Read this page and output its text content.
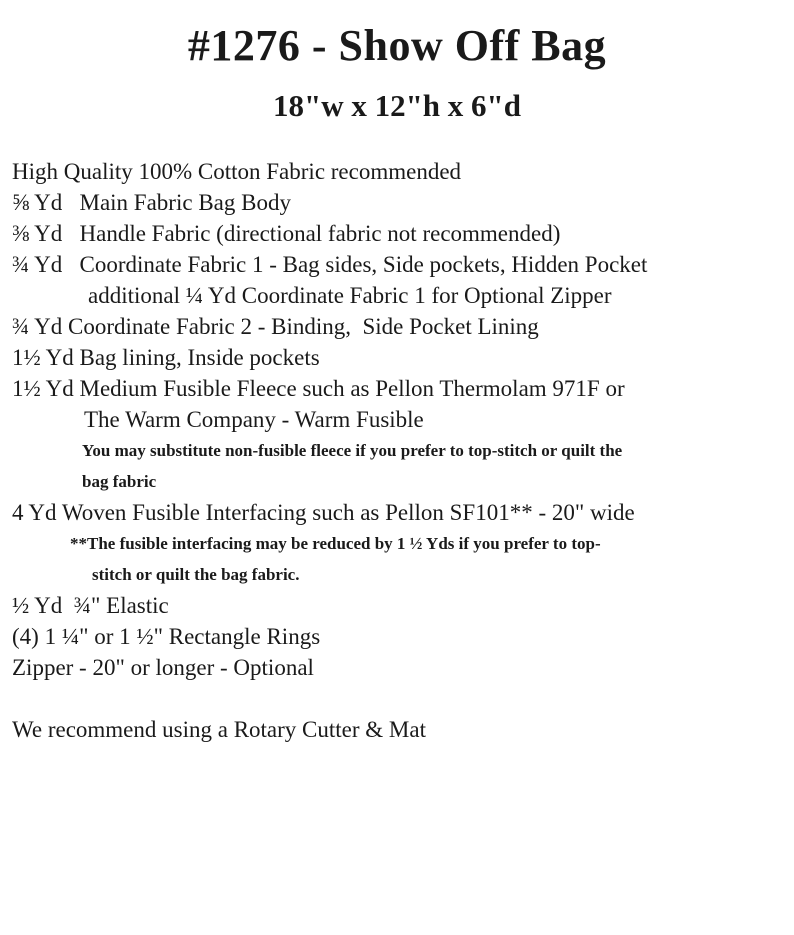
#1276 - Show Off Bag
18"w x 12"h x 6"d
High Quality 100% Cotton Fabric recommended
⅝ Yd   Main Fabric Bag Body
⅜ Yd   Handle Fabric (directional fabric not recommended)
¾ Yd   Coordinate Fabric 1 - Bag sides, Side pockets, Hidden Pocket
additional ¼ Yd Coordinate Fabric 1 for Optional Zipper
¾ Yd Coordinate Fabric 2 - Binding,  Side Pocket Lining
1½ Yd Bag lining, Inside pockets
1½ Yd Medium Fusible Fleece such as Pellon Thermolam 971F or
The Warm Company - Warm Fusible
You may substitute non-fusible fleece if you prefer to top-stitch or quilt the
bag fabric
4 Yd Woven Fusible Interfacing such as Pellon SF101** - 20" wide
**The fusible interfacing may be reduced by 1 ½ Yds if you prefer to top-
stitch or quilt the bag fabric.
½ Yd  ¾" Elastic
(4) 1 ¼" or 1 ½" Rectangle Rings
Zipper - 20" or longer - Optional
We recommend using a Rotary Cutter & Mat
